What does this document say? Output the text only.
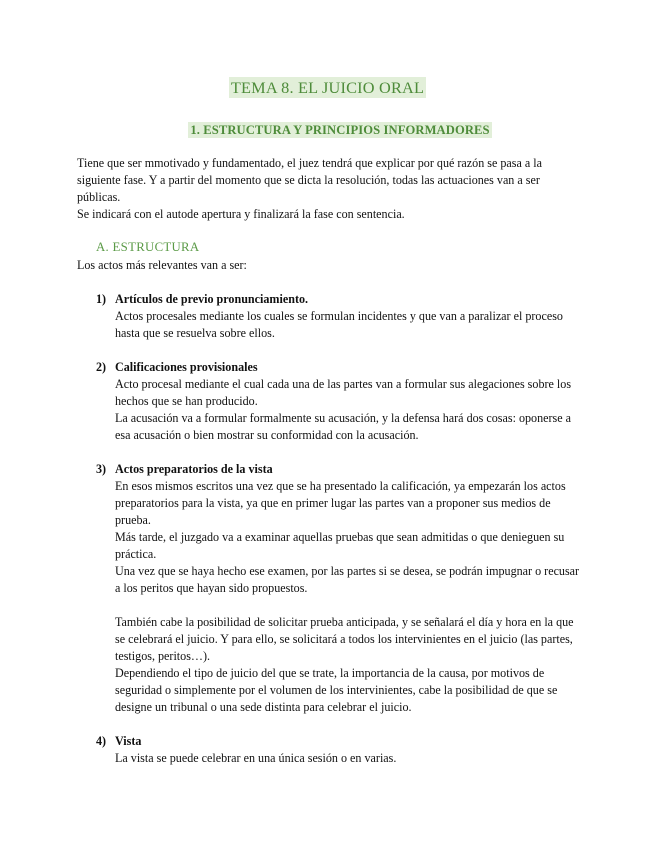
TEMA 8. EL JUICIO ORAL
1. ESTRUCTURA Y PRINCIPIOS INFORMADORES

Tiene que ser mmotivado y fundamentado, el juez tendrá que explicar por qué razón se pasa a la siguiente fase. Y a partir del momento que se dicta la resolución, todas las actuaciones van a ser públicas.

Se indicará con el autode apertura y finalizará la fase con sentencia.

A. ESTRUCTURA
Los actos más relevantes van a ser:
1) Artículos de previo pronunciamiento.

Actos procesales mediante los cuales se formulan incidentes y que van a paralizar el proceso hasta que se resuelva sobre ellos.

2) Calificaciones provisionales

Acto procesal mediante el cual cada una de las partes van a formular sus alegaciones sobre los hechos que se han producido.

La acusación va a formular formalmente su acusación, y la defensa hará dos cosas: oponerse a esa acusación o bien mostrar su conformidad con la acusación.

3) Actos preparatorios de la vista

En esos mismos escritos una vez que se ha presentado la calificación, ya empezarán los actos preparatorios para la vista, ya que en primer lugar las partes van a proponer sus medios de prueba.

Más tarde, el juzgado va a examinar aquellas pruebas que sean admitidas o que denieguen su práctica.

Una vez que se haya hecho ese examen, por las partes si se desea, se podrán impugnar o recusar a los peritos que hayan sido propuestos.

También cabe la posibilidad de solicitar prueba anticipada, y se señalará el día y hora en la que se celebrará el juicio. Y para ello, se solicitará a todos los intervinientes en el juicio (las partes, testigos, peritos…).

Dependiendo el tipo de juicio del que se trate, la importancia de la causa, por motivos de seguridad o simplemente por el volumen de los intervinientes, cabe la posibilidad de que se designe un tribunal o una sede distinta para celebrar el juicio.

4) Vista

La vista se puede celebrar en una única sesión o en varias.
